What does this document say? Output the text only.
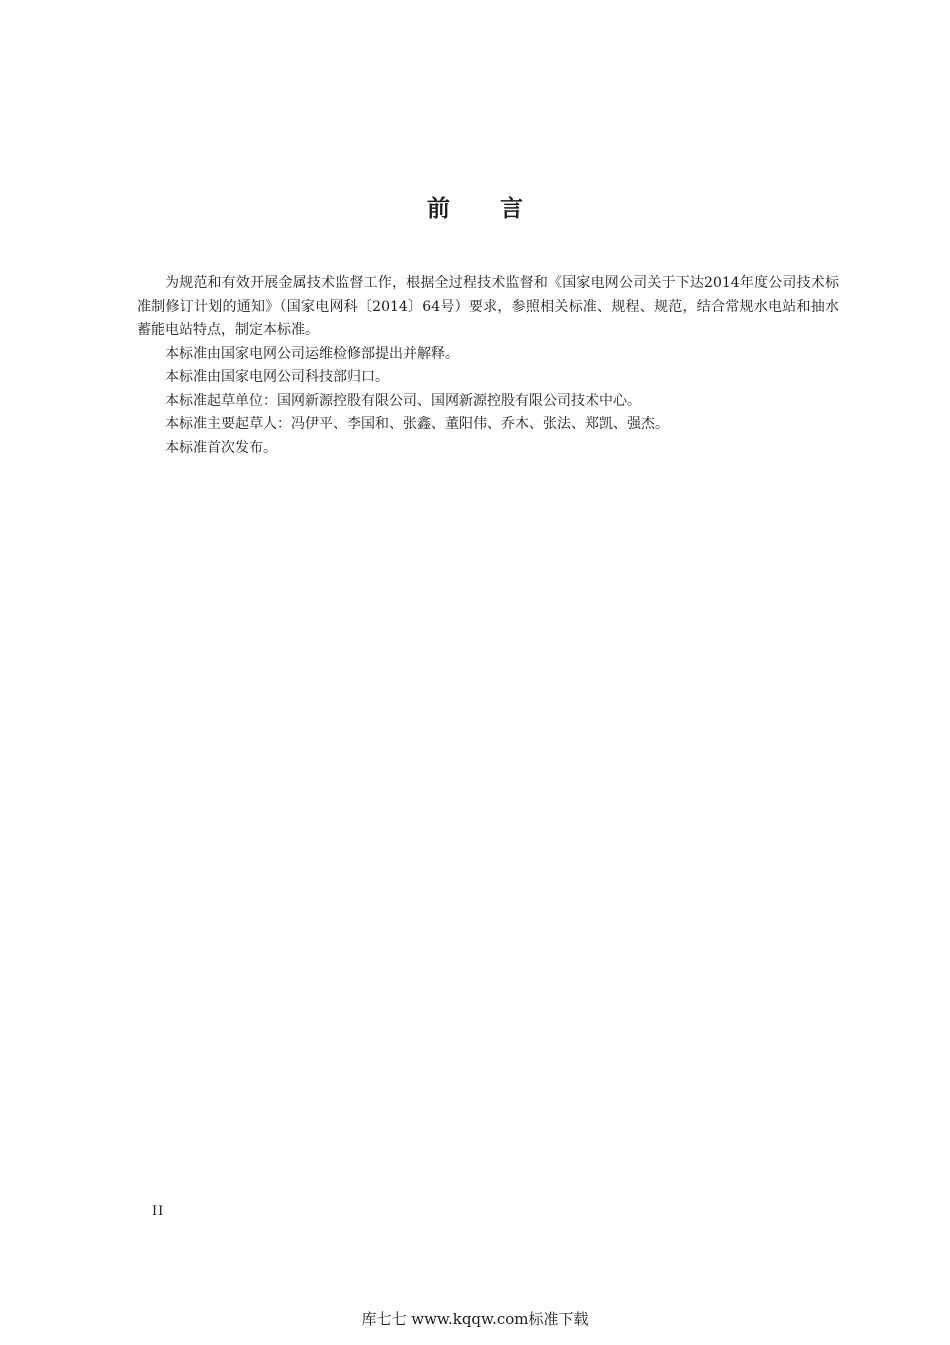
前言

为规范和有效开展金属技术监督工作，根据全过程技术监督和《国家电网公司关于下达2014年度公司技术标准制修订计划的通知》（国家电网科〔2014〕64号）要求，参照相关标准、规程、规范，结合常规水电站和抽水蓄能电站特点，制定本标准。

本标准由国家电网公司运维检修部提出并解释。

本标准由国家电网公司科技部归口。

本标准起草单位：国网新源控股有限公司、国网新源控股有限公司技术中心。

本标准主要起草人：冯伊平、李国和、张鑫、董阳伟、乔木、张法、郑凯、强杰。

本标准首次发布。

II

库七七 www.kqqw.com标准下载
